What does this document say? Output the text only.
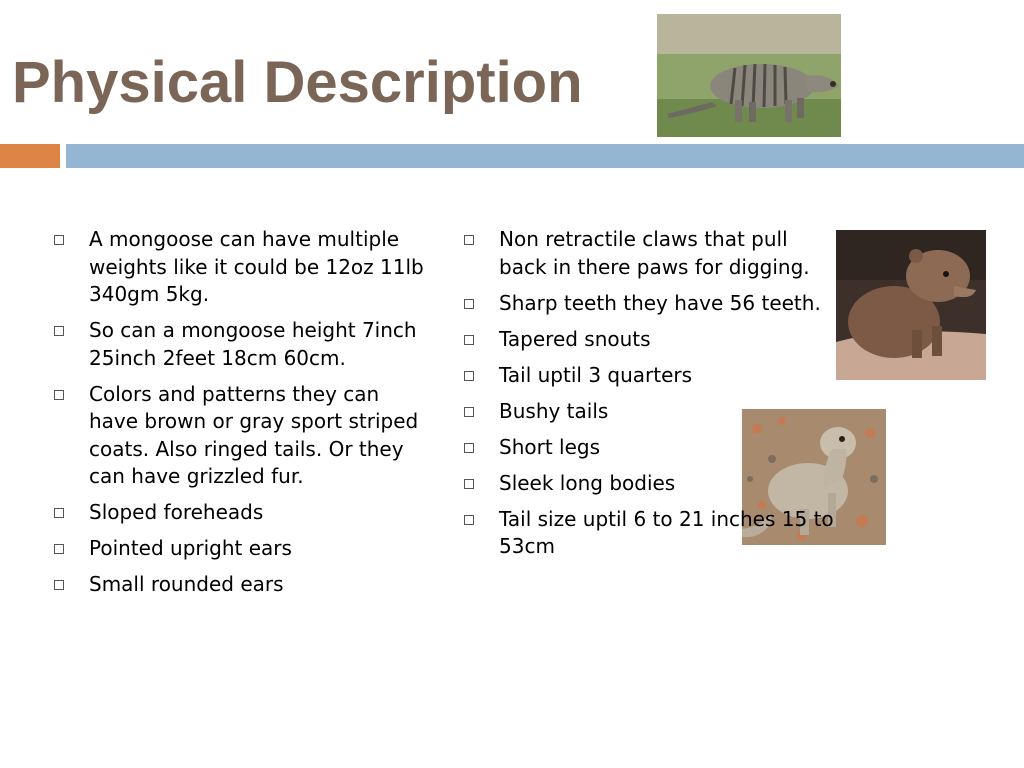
Physical Description
A mongoose can have multiple weights like it could be 12oz 11lb 340gm 5kg.
So can a mongoose height 7inch 25inch 2feet 18cm 60cm.
Colors and patterns they can have brown or gray sport striped coats. Also ringed tails. Or they can have grizzled fur.
Sloped foreheads
Pointed upright ears
Small rounded ears
Non retractile claws that pull back in there paws for digging.
Sharp teeth they have 56 teeth.
Tapered snouts
Tail uptil 3 quarters
Bushy tails
Short legs
Sleek long bodies
Tail size uptil 6 to 21 inches 15 to 53cm
